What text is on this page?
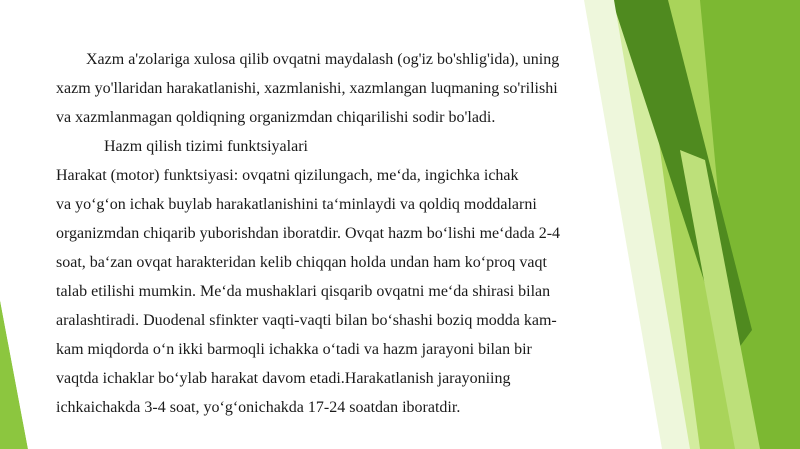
Xazm a'zolariga xulosa qilib ovqatni maydalash (og'iz bo'shlig'ida), uning
xazm yo'llaridan harakatlanishi, xazmlanishi, xazmlangan luqmaning so'rilishi
va xazmlanmagan qoldiqning organizmdan chiqarilishi sodir bo'ladi.
Hazm qilish tizimi funktsiyalari
Harakat (motor) funktsiyasi: ovqatni qizilungach, me‘da, ingichka ichak
va yo‘g‘on ichak buylab harakatlanishini ta‘minlaydi va qoldiq moddalarni
organizmdan chiqarib yuborishdan iboratdir. Ovqat hazm bo‘lishi me‘dada 2-4
soat, ba‘zan ovqat harakteridan kelib chiqqan holda undan ham ko‘proq vaqt
talab etilishi mumkin. Me‘da mushaklari qisqarib ovqatni me‘da shirasi bilan
aralashtiradi. Duodenal sfinkter vaqti-vaqti bilan bo‘shashi boziq modda kam-
kam miqdorda o‘n ikki barmoqli ichakka o‘tadi va hazm jarayoni bilan bir
vaqtda ichaklar bo‘ylab harakat davom etadi.Harakatlanish jarayoniing
ichkaichakda 3-4 soat, yo‘g‘onichakda 17-24 soatdan iboratdir.
